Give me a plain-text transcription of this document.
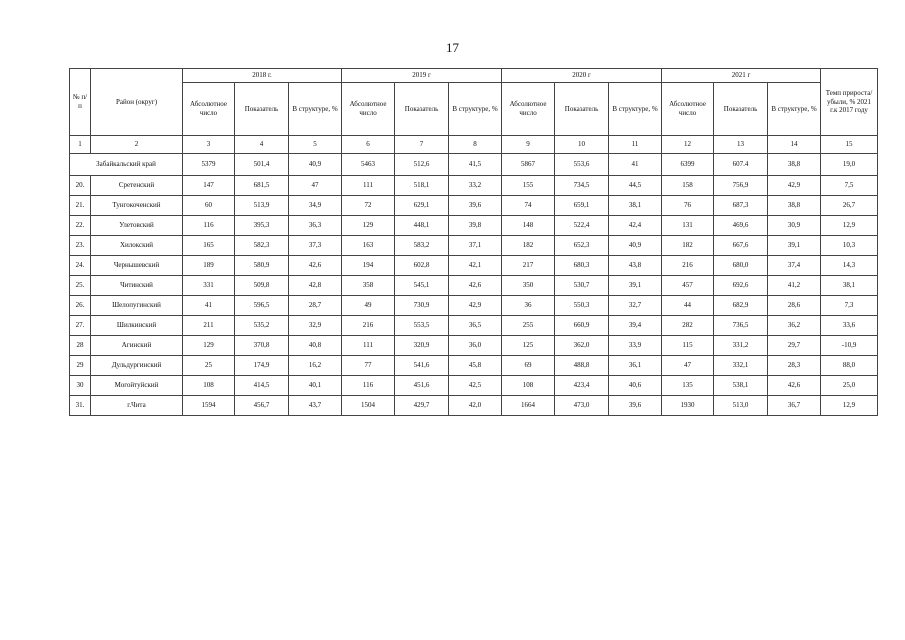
17
№ п/п	Район (округ)	2018 г.			2019 г			2020 г			2021 г			Темп прироста/ убыли, % 2021 г.к 2017 году
		Абсолютное число	Показатель	В структуре, %	Абсолютное число	Показатель	В структуре, %	Абсолютное число	Показатель	В структуре, %	Абсолютное число	Показатель	В структуре, %	
1	2	3	4	5	6	7	8	9	10	11	12	13	14	15
Забайкальский край		5379	501,4	40,9	5463	512,6	41,5	5867	553,6	41	6399	607.4	38,8	19,0
20.	Сретенский	147	681,5	47	111	518,1	33,2	155	734,5	44,5	158	756,9	42,9	7,5
21.	Тунгокоченский	60	513,9	34,9	72	629,1	39,6	74	659,1	38,1	76	687,3	38,8	26,7
22.	Улетовский	116	395,3	36,3	129	448,1	39,8	148	522,4	42,4	131	469,6	30,9	12,9
23.	Хилокский	165	582,3	37,3	163	583,2	37,1	182	652,3	40,9	182	667,6	39,1	10,3
24.	Чернышевский	189	580,9	42,6	194	602,8	42,1	217	680,3	43,8	216	680,0	37,4	14,3
25.	Читинский	331	509,8	42,8	358	545,1	42,6	350	530,7	39,1	457	692,6	41,2	38,1
26.	Шелопугинский	41	596,5	28,7	49	730,9	42,9	36	550,3	32,7	44	682,9	28,6	7,3
27.	Шилкинский	211	535,2	32,9	216	553,5	36,5	255	660,9	39,4	282	736,5	36,2	33,6
28	Агинский	129	370,8	40,8	111	320,9	36,0	125	362,0	33,9	115	331,2	29,7	-10,9
29	Дульдургинский	25	174,9	16,2	77	541,6	45,8	69	488,8	36,1	47	332,1	28,3	88,0
30	Могойтуйский	108	414,5	40,1	116	451,6	42,5	108	423,4	40,6	135	538,1	42,6	25,0
31.	г.Чита	1594	456,7	43,7	1504	429,7	42,0	1664	473,0	39,6	1930	513,0	36,7	12,9
